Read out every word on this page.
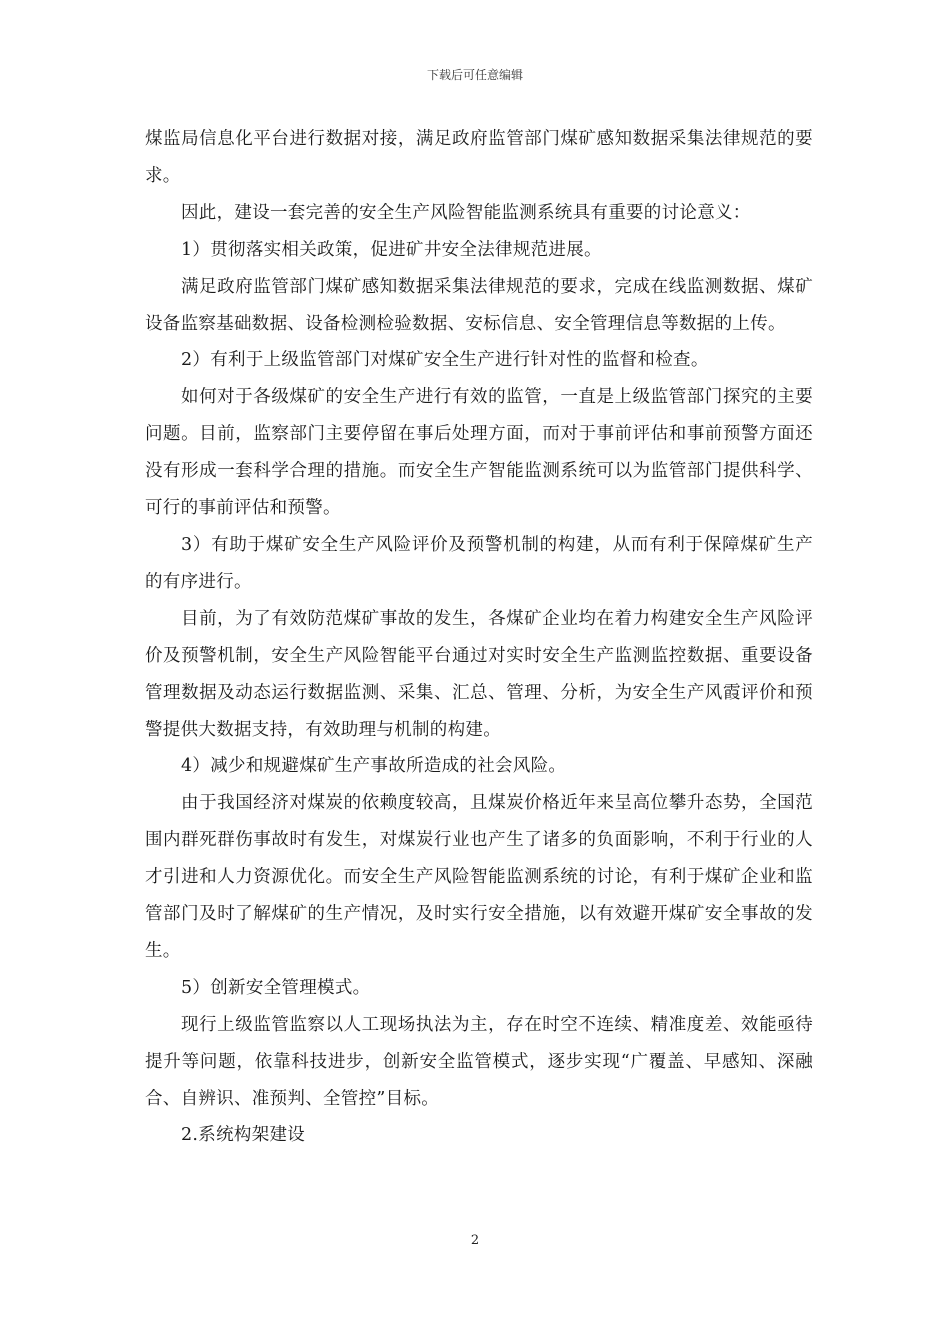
下载后可任意编辑

煤监局信息化平台进行数据对接，满足政府监管部门煤矿感知数据采集法律规范的要求。

因此，建设一套完善的安全生产风险智能监测系统具有重要的讨论意义：

1）贯彻落实相关政策，促进矿井安全法律规范进展。

满足政府监管部门煤矿感知数据采集法律规范的要求，完成在线监测数据、煤矿设备监察基础数据、设备检测检验数据、安标信息、安全管理信息等数据的上传。

2）有利于上级监管部门对煤矿安全生产进行针对性的监督和检查。

如何对于各级煤矿的安全生产进行有效的监管，一直是上级监管部门探究的主要问题。目前，监察部门主要停留在事后处理方面，而对于事前评估和事前预警方面还没有形成一套科学合理的措施。而安全生产智能监测系统可以为监管部门提供科学、可行的事前评估和预警。

3）有助于煤矿安全生产风险评价及预警机制的构建，从而有利于保障煤矿生产的有序进行。

目前，为了有效防范煤矿事故的发生，各煤矿企业均在着力构建安全生产风险评价及预警机制，安全生产风险智能平台通过对实时安全生产监测监控数据、重要设备管理数据及动态运行数据监测、采集、汇总、管理、分析，为安全生产风霞评价和预警提供大数据支持，有效助理与机制的构建。

4）减少和规避煤矿生产事故所造成的社会风险。

由于我国经济对煤炭的依赖度较高，且煤炭价格近年来呈高位攀升态势，全国范围内群死群伤事故时有发生，对煤炭行业也产生了诸多的负面影响，不利于行业的人才引进和人力资源优化。而安全生产风险智能监测系统的讨论，有利于煤矿企业和监管部门及时了解煤矿的生产情况，及时实行安全措施，以有效避开煤矿安全事故的发生。

5）创新安全管理模式。

现行上级监管监察以人工现场执法为主，存在时空不连续、精准度差、效能亟待提升等问题，依靠科技进步，创新安全监管模式，逐步实现“广覆盖、早感知、深融合、自辨识、准预判、全管控”目标。

2.系统构架建设

2
